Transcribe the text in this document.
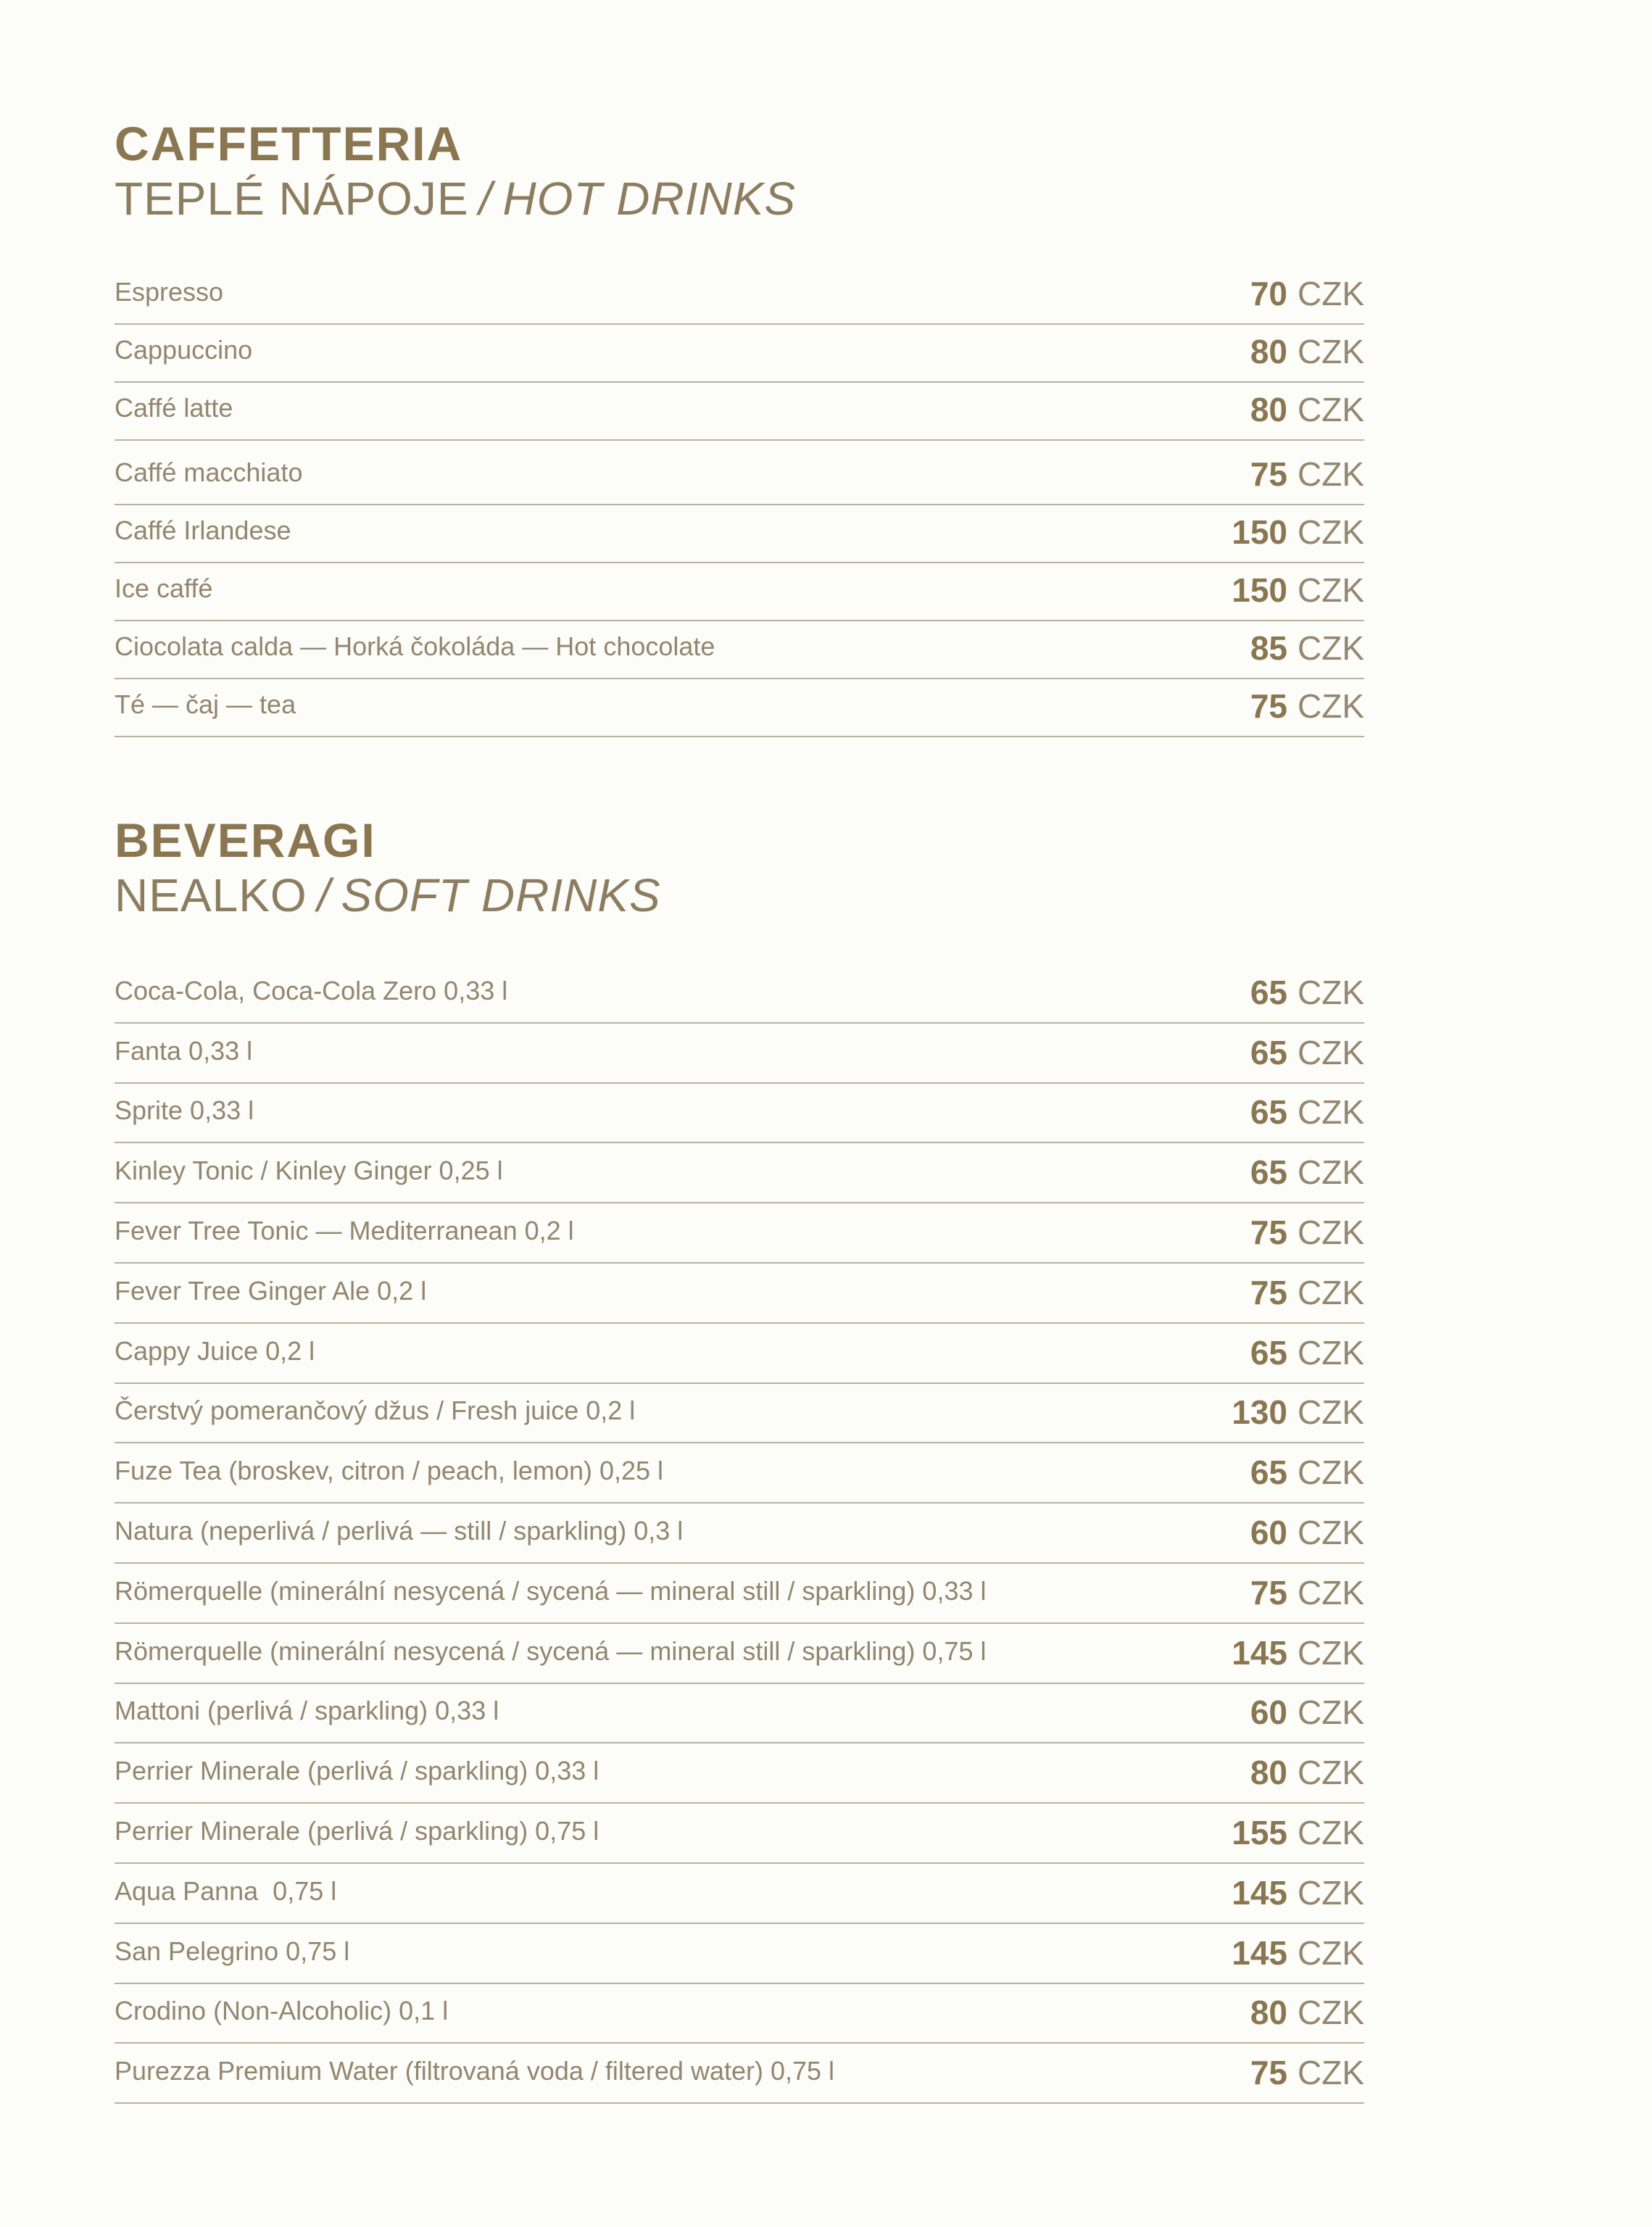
CAFFETTERIA
TEPLÉ NÁPOJE / HOT DRINKS
Espresso	70 CZK
Cappuccino	80 CZK
Caffé latte	80 CZK
Caffé macchiato	75 CZK
Caffé Irlandese	150 CZK
Ice caffé	150 CZK
Ciocolata calda — Horká čokoláda — Hot chocolate	85 CZK
Té — čaj — tea	75 CZK
BEVERAGI
NEALKO / SOFT DRINKS
Coca-Cola, Coca-Cola Zero 0,33 l	65 CZK
Fanta 0,33 l	65 CZK
Sprite 0,33 l	65 CZK
Kinley Tonic / Kinley Ginger 0,25 l	65 CZK
Fever Tree Tonic — Mediterranean 0,2 l	75 CZK
Fever Tree Ginger Ale 0,2 l	75 CZK
Cappy Juice 0,2 l	65 CZK
Čerstvý pomerančový džus / Fresh juice 0,2 l	130 CZK
Fuze Tea (broskev, citron / peach, lemon) 0,25 l	65 CZK
Natura (neperlivá / perlivá — still / sparkling) 0,3 l	60 CZK
Römerquelle (minerální nesycená / sycená — mineral still / sparkling) 0,33 l	75 CZK
Römerquelle (minerální nesycená / sycená — mineral still / sparkling) 0,75 l	145 CZK
Mattoni (perlivá / sparkling) 0,33 l	60 CZK
Perrier Minerale (perlivá / sparkling) 0,33 l	80 CZK
Perrier Minerale (perlivá / sparkling) 0,75 l	155 CZK
Aqua Panna  0,75 l	145 CZK
San Pelegrino 0,75 l	145 CZK
Crodino (Non-Alcoholic) 0,1 l	80 CZK
Purezza Premium Water (filtrovaná voda / filtered water) 0,75 l	75 CZK
